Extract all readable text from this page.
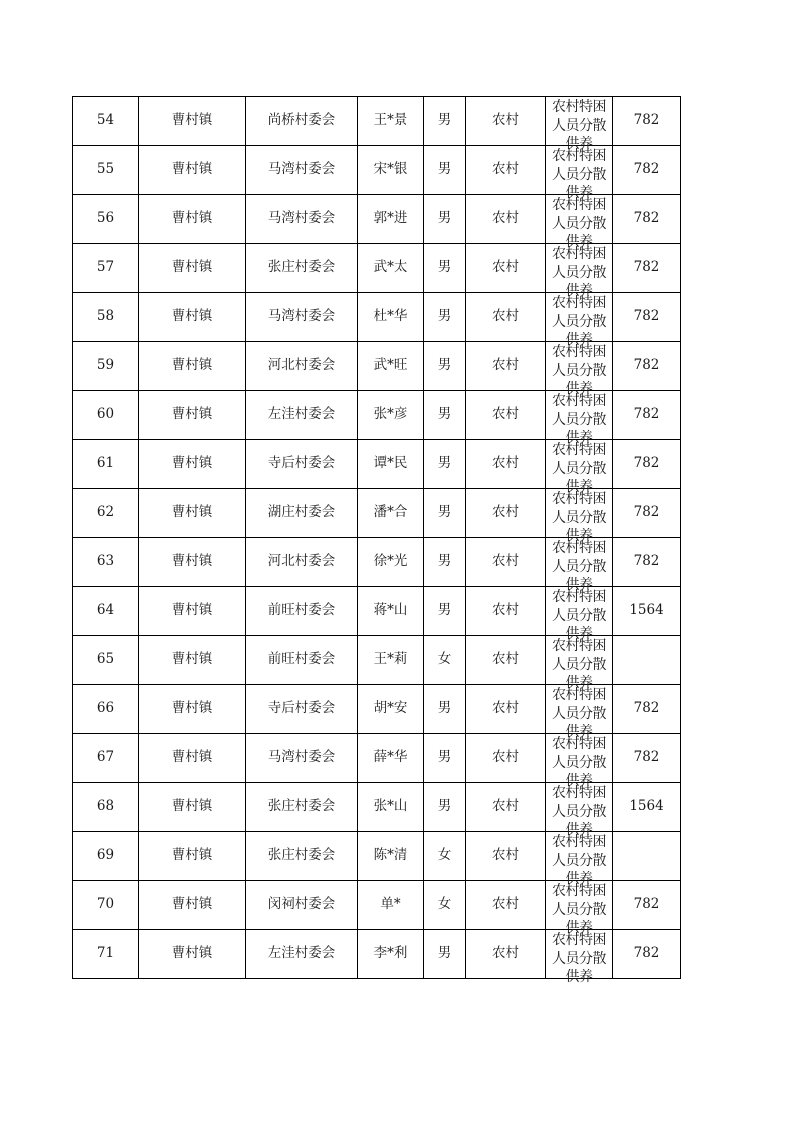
54	曹村镇	尚桥村委会	王*景	男	农村	农村特困
人员分散
供养	782
55	曹村镇	马湾村委会	宋*银	男	农村	农村特困
人员分散
供养	782
56	曹村镇	马湾村委会	郭*进	男	农村	农村特困
人员分散
供养	782
57	曹村镇	张庄村委会	武*太	男	农村	农村特困
人员分散
供养	782
58	曹村镇	马湾村委会	杜*华	男	农村	农村特困
人员分散
供养	782
59	曹村镇	河北村委会	武*旺	男	农村	农村特困
人员分散
供养	782
60	曹村镇	左洼村委会	张*彦	男	农村	农村特困
人员分散
供养	782
61	曹村镇	寺后村委会	谭*民	男	农村	农村特困
人员分散
供养	782
62	曹村镇	湖庄村委会	潘*合	男	农村	农村特困
人员分散
供养	782
63	曹村镇	河北村委会	徐*光	男	农村	农村特困
人员分散
供养	782
64	曹村镇	前旺村委会	蒋*山	男	农村	农村特困
人员分散
供养	1564
65	曹村镇	前旺村委会	王*莉	女	农村	农村特困
人员分散
供养	

66	曹村镇	寺后村委会	胡*安	男	农村	农村特困
人员分散
供养	782
67	曹村镇	马湾村委会	薛*华	男	农村	农村特困
人员分散
供养	782
68	曹村镇	张庄村委会	张*山	男	农村	农村特困
人员分散
供养	1564
69	曹村镇	张庄村委会	陈*清	女	农村	农村特困
人员分散
供养	

70	曹村镇	闵祠村委会	单*	女	农村	农村特困
人员分散
供养	782
71	曹村镇	左洼村委会	李*利	男	农村	农村特困
人员分散
供养	782
